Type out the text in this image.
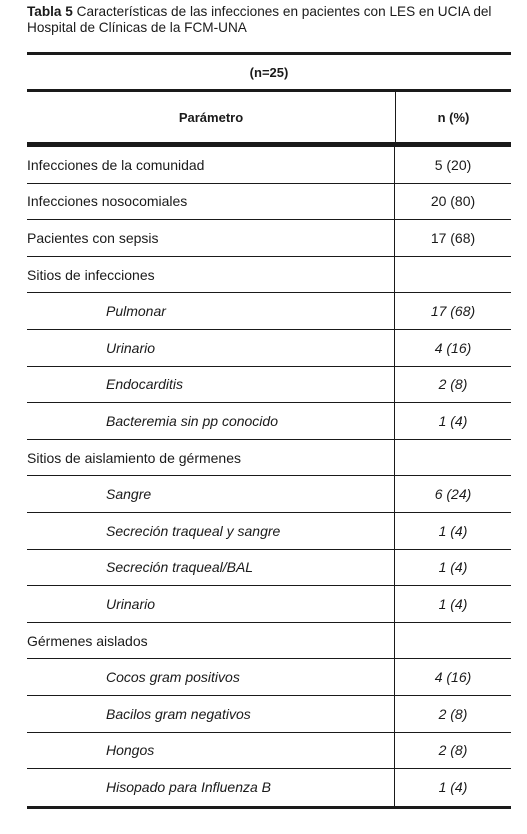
Tabla 5 Características de las infecciones en pacientes con LES en UCIA del Hospital de Clínicas de la FCM-UNA
(n=25)
Parámetro	n (%)
Infecciones de la comunidad	5 (20)
Infecciones nosocomiales	20 (80)
Pacientes con sepsis	17 (68)
Sitios de infecciones
Pulmonar	17 (68)
Urinario	4 (16)
Endocarditis	2 (8)
Bacteremia sin pp conocido	1 (4)
Sitios de aislamiento de gérmenes
Sangre	6 (24)
Secreción traqueal y sangre	1 (4)
Secreción traqueal/BAL	1 (4)
Urinario	1 (4)
Gérmenes aislados
Cocos gram positivos	4 (16)
Bacilos gram negativos	2 (8)
Hongos	2 (8)
Hisopado para Influenza B	1 (4)
